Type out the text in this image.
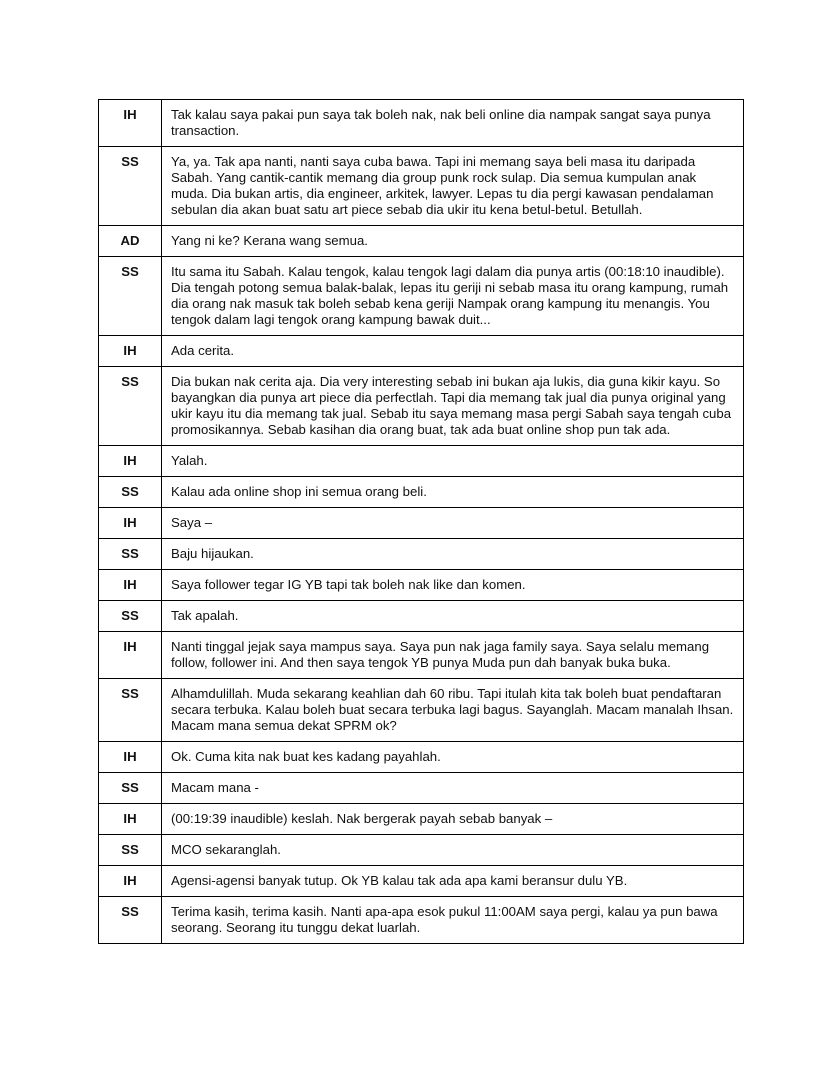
IH	Tak kalau saya pakai pun saya tak boleh nak, nak beli online dia nampak sangat saya punya transaction.
SS	Ya, ya. Tak apa nanti, nanti saya cuba bawa. Tapi ini memang saya beli masa itu daripada Sabah. Yang cantik-cantik memang dia group punk rock sulap. Dia semua kumpulan anak muda. Dia bukan artis, dia engineer, arkitek, lawyer. Lepas tu dia pergi kawasan pendalaman sebulan dia akan buat satu art piece sebab dia ukir itu kena betul-betul. Betullah.
AD	Yang ni ke? Kerana wang semua.
SS	Itu sama itu Sabah. Kalau tengok, kalau tengok lagi dalam dia punya artis (00:18:10 inaudible). Dia tengah potong semua balak-balak, lepas itu geriji ni sebab masa itu orang kampung, rumah dia orang nak masuk tak boleh sebab kena geriji Nampak orang kampung itu menangis. You tengok dalam lagi tengok orang kampung bawak duit...
IH	Ada cerita.
SS	Dia bukan nak cerita aja. Dia very interesting sebab ini bukan aja lukis, dia guna kikir kayu. So bayangkan dia punya art piece dia perfectlah. Tapi dia memang tak jual dia punya original yang ukir kayu itu dia memang tak jual. Sebab itu saya memang masa pergi Sabah saya tengah cuba promosikannya. Sebab kasihan dia orang buat, tak ada buat online shop pun tak ada.
IH	Yalah.
SS	Kalau ada online shop ini semua orang beli.
IH	Saya –
SS	Baju hijaukan.
IH	Saya follower tegar IG YB tapi tak boleh nak like dan komen.
SS	Tak apalah.
IH	Nanti tinggal jejak saya mampus saya. Saya pun nak jaga family saya. Saya selalu memang follow, follower ini. And then saya tengok YB punya Muda pun dah banyak buka buka.
SS	Alhamdulillah. Muda sekarang keahlian dah 60 ribu. Tapi itulah kita tak boleh buat pendaftaran secara terbuka. Kalau boleh buat secara terbuka lagi bagus. Sayanglah. Macam manalah Ihsan. Macam mana semua dekat SPRM ok?
IH	Ok. Cuma kita nak buat kes kadang payahlah.
SS	Macam mana -
IH	(00:19:39 inaudible) keslah. Nak bergerak payah sebab banyak –
SS	MCO sekaranglah.
IH	Agensi-agensi banyak tutup. Ok YB kalau tak ada apa kami beransur dulu YB.
SS	Terima kasih, terima kasih. Nanti apa-apa esok pukul 11:00AM saya pergi, kalau ya pun bawa seorang. Seorang itu tunggu dekat luarlah.
